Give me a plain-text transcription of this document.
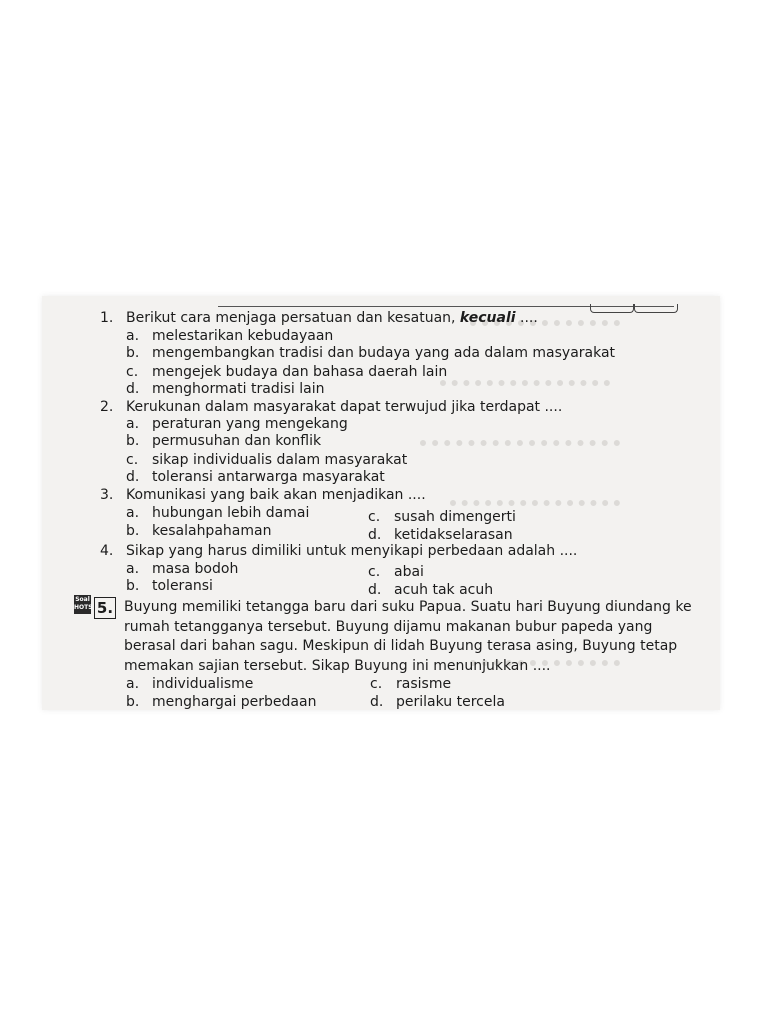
1. Berikut cara menjaga persatuan dan kesatuan, kecuali ....
a. melestarikan kebudayaan
b. mengembangkan tradisi dan budaya yang ada dalam masyarakat
c. mengejek budaya dan bahasa daerah lain
d. menghormati tradisi lain
2. Kerukunan dalam masyarakat dapat terwujud jika terdapat ....
a. peraturan yang mengekang
b. permusuhan dan konflik
c. sikap individualis dalam masyarakat
d. toleransi antarwarga masyarakat
3. Komunikasi yang baik akan menjadikan ....
a. hubungan lebih damai
b. kesalahpahaman
c. susah dimengerti
d. ketidakselarasan
4. Sikap yang harus dimiliki untuk menyikapi perbedaan adalah ....
a. masa bodoh
b. toleransi
c. abai
d. acuh tak acuh
Soal
HOTS 5. Buyung memiliki tetangga baru dari suku Papua. Suatu hari Buyung diundang ke rumah tetangganya tersebut. Buyung dijamu makanan bubur papeda yang berasal dari bahan sagu. Meskipun di lidah Buyung terasa asing, Buyung tetap memakan sajian tersebut. Sikap Buyung ini menunjukkan ....
a. individualisme
b. menghargai perbedaan
c. rasisme
d. perilaku tercela
